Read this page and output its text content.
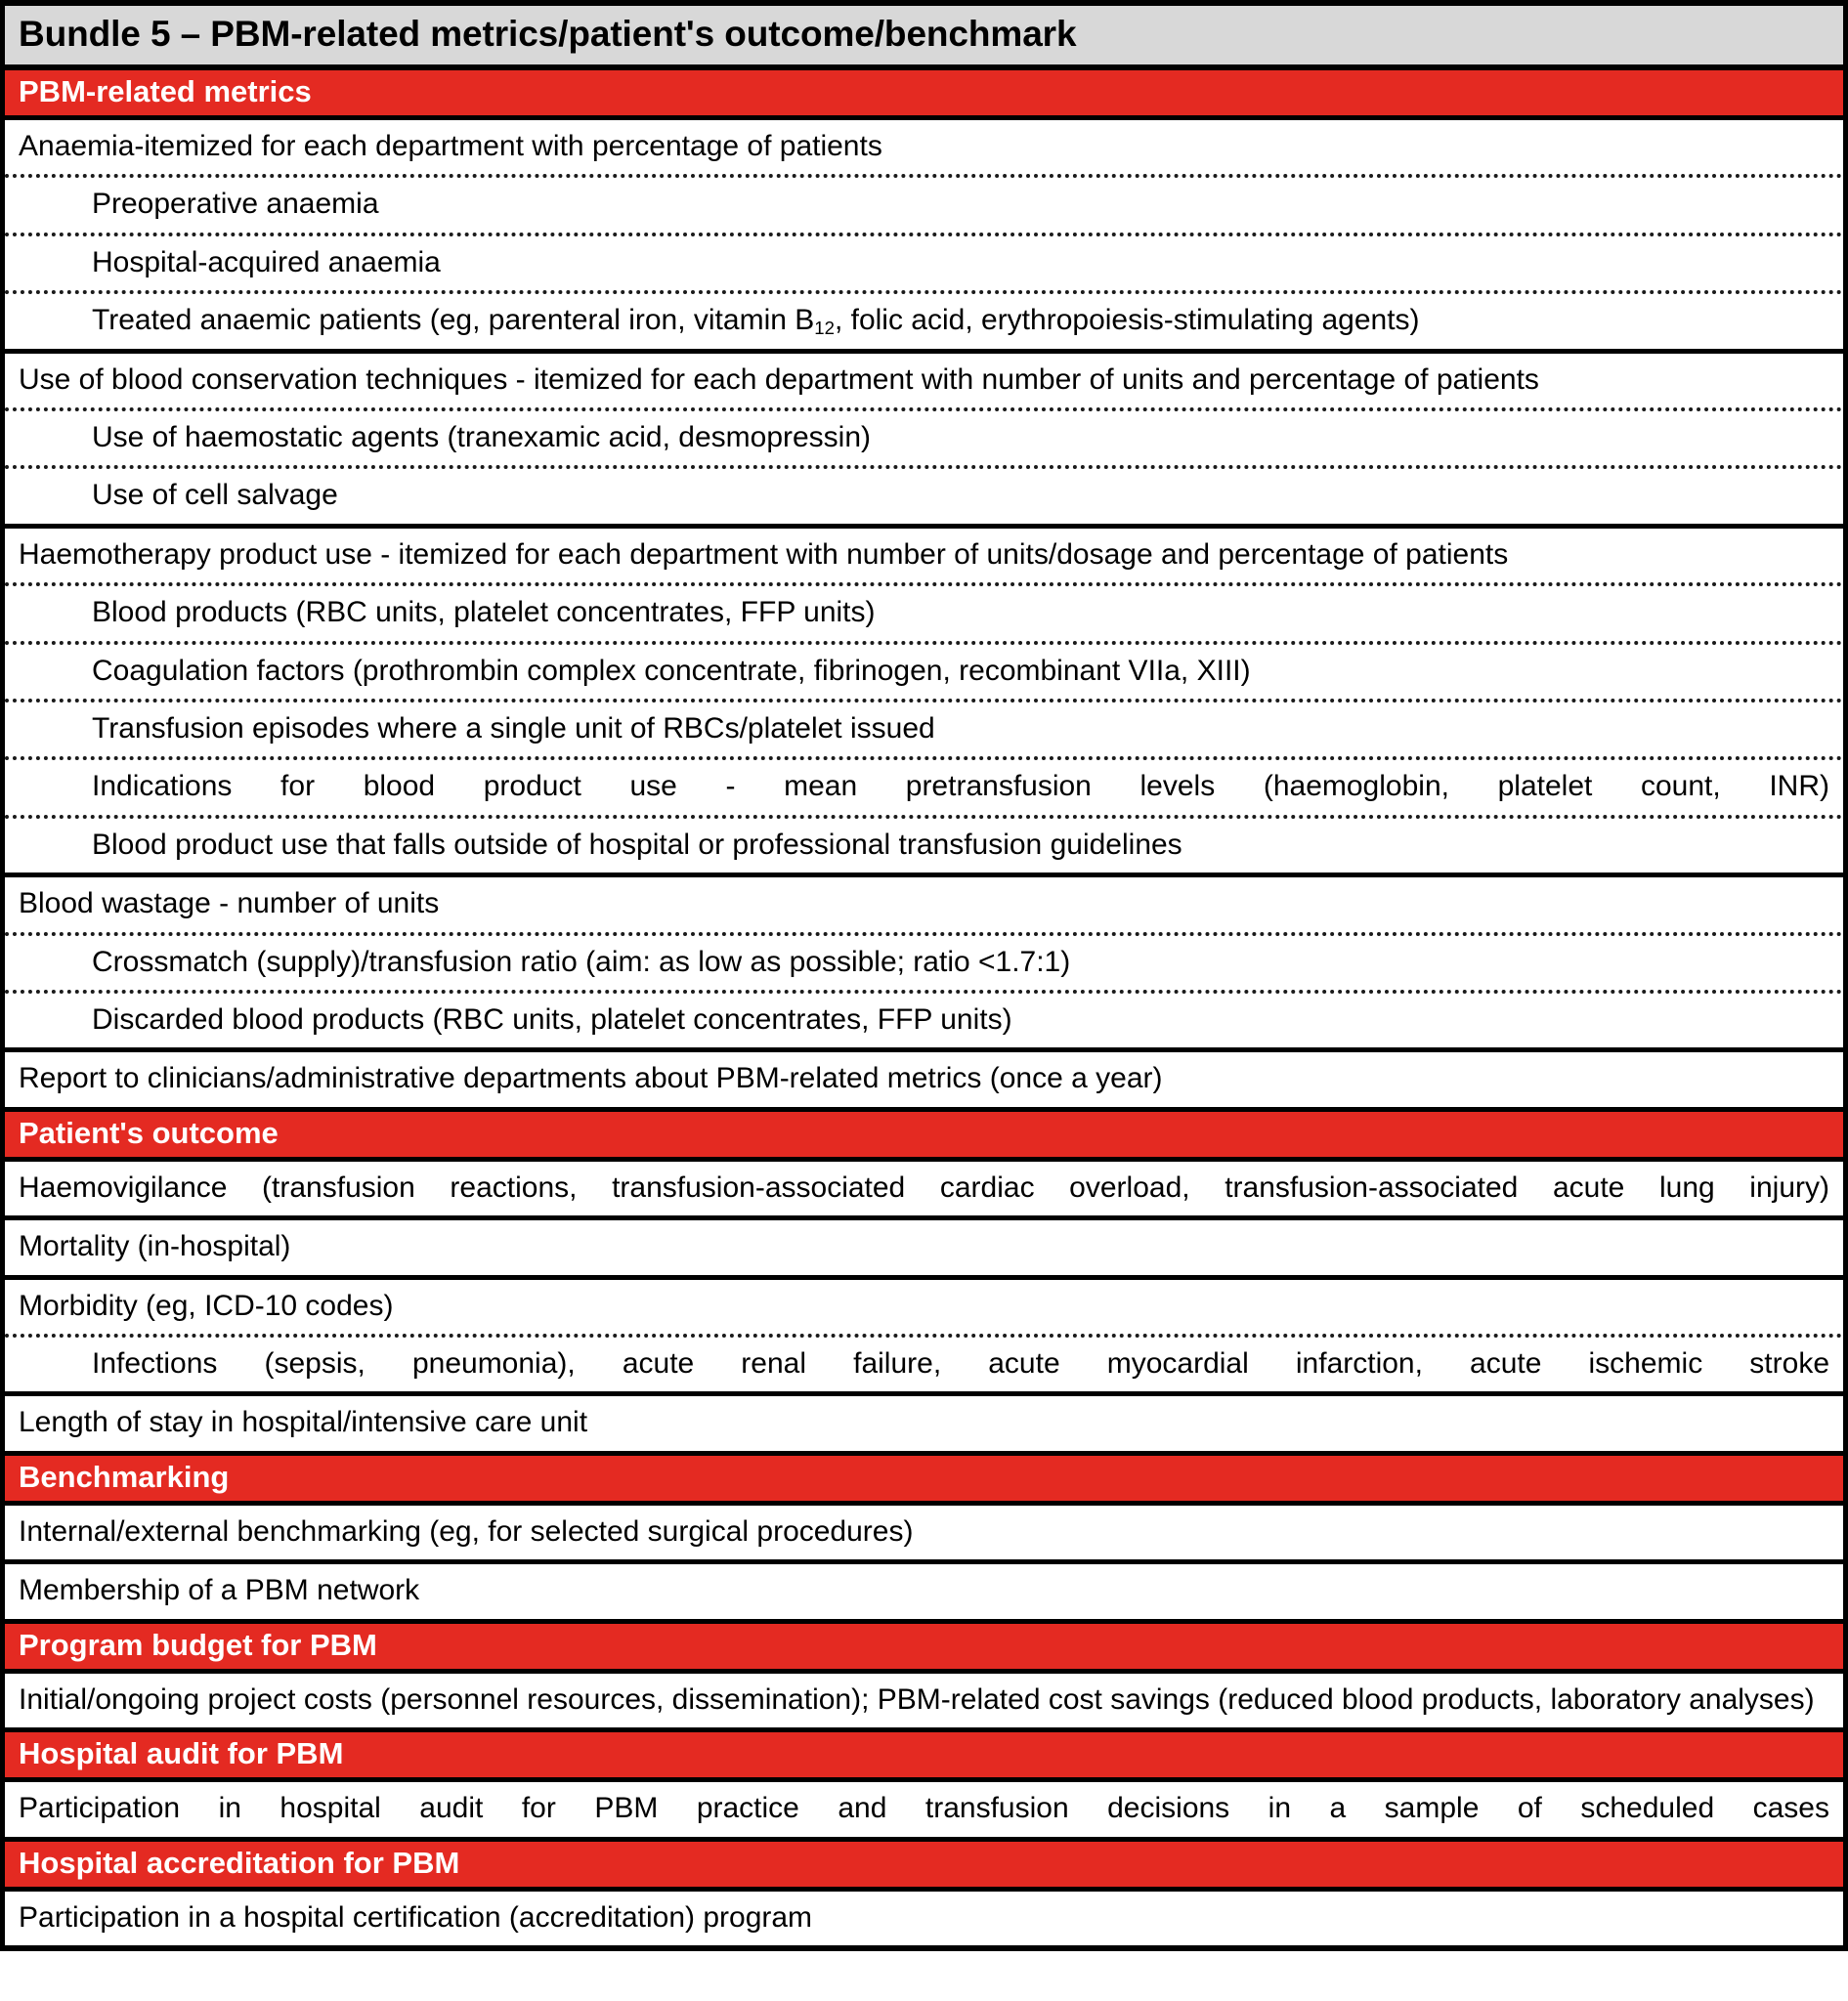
Bundle 5 – PBM-related metrics/patient's outcome/benchmark
PBM-related metrics
Anaemia-itemized for each department with percentage of patients
Preoperative anaemia
Hospital-acquired anaemia
Treated anaemic patients (eg, parenteral iron, vitamin $B_{12}$, folic acid, erythropoiesis-stimulating agents)
Use of blood conservation techniques - itemized for each department with number of units and percentage of patients
Use of haemostatic agents (tranexamic acid, desmopressin)
Use of cell salvage
Haemotherapy product use - itemized for each department with number of units/dosage and percentage of patients
Blood products (RBC units, platelet concentrates, FFP units)
Coagulation factors (prothrombin complex concentrate, fibrinogen, recombinant VIIa, XIII)
Transfusion episodes where a single unit of RBCs/platelet issued
Indications for blood product use - mean pretransfusion levels (haemoglobin, platelet count, INR)
Blood product use that falls outside of hospital or professional transfusion guidelines
Blood wastage - number of units
Crossmatch (supply)/transfusion ratio (aim: as low as possible; ratio <1.7:1)
Discarded blood products (RBC units, platelet concentrates, FFP units)
Report to clinicians/administrative departments about PBM-related metrics (once a year)
Patient's outcome
Haemovigilance (transfusion reactions, transfusion-associated cardiac overload, transfusion-associated acute lung injury)
Mortality (in-hospital)
Morbidity (eg, ICD-10 codes)
Infections (sepsis, pneumonia), acute renal failure, acute myocardial infarction, acute ischemic stroke
Length of stay in hospital/intensive care unit
Benchmarking
Internal/external benchmarking (eg, for selected surgical procedures)
Membership of a PBM network
Program budget for PBM
Initial/ongoing project costs (personnel resources, dissemination); PBM-related cost savings (reduced blood products, laboratory analyses)
Hospital audit for PBM
Participation in hospital audit for PBM practice and transfusion decisions in a sample of scheduled cases
Hospital accreditation for PBM
Participation in a hospital certification (accreditation) program
